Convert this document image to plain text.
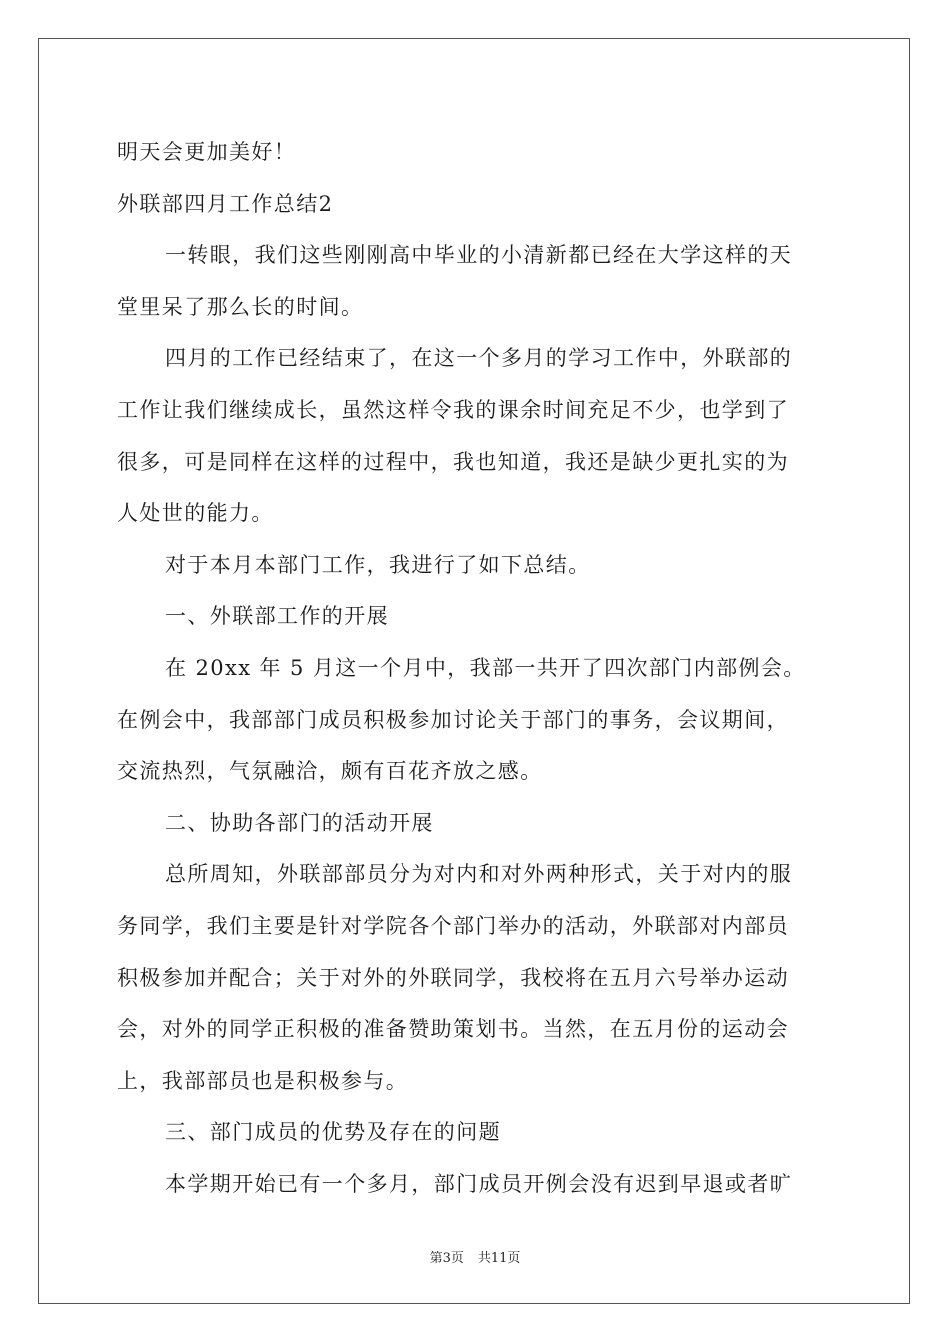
明天会更加美好！
外联部四月工作总结2
一转眼，我们这些刚刚高中毕业的小清新都已经在大学这样的天
堂里呆了那么长的时间。
四月的工作已经结束了，在这一个多月的学习工作中，外联部的
工作让我们继续成长，虽然这样令我的课余时间充足不少，也学到了
很多，可是同样在这样的过程中，我也知道，我还是缺少更扎实的为
人处世的能力。
对于本月本部门工作，我进行了如下总结。
一、外联部工作的开展
在 20xx 年 5 月这一个月中，我部一共开了四次部门内部例会。
在例会中，我部部门成员积极参加讨论关于部门的事务，会议期间，
交流热烈，气氛融洽，颇有百花齐放之感。
二、协助各部门的活动开展
总所周知，外联部部员分为对内和对外两种形式，关于对内的服
务同学，我们主要是针对学院各个部门举办的活动，外联部对内部员
积极参加并配合；关于对外的外联同学，我校将在五月六号举办运动
会，对外的同学正积极的准备赞助策划书。当然，在五月份的运动会
上，我部部员也是积极参与。
三、部门成员的优势及存在的问题
本学期开始已有一个多月，部门成员开例会没有迟到早退或者旷
第3页 共11页
